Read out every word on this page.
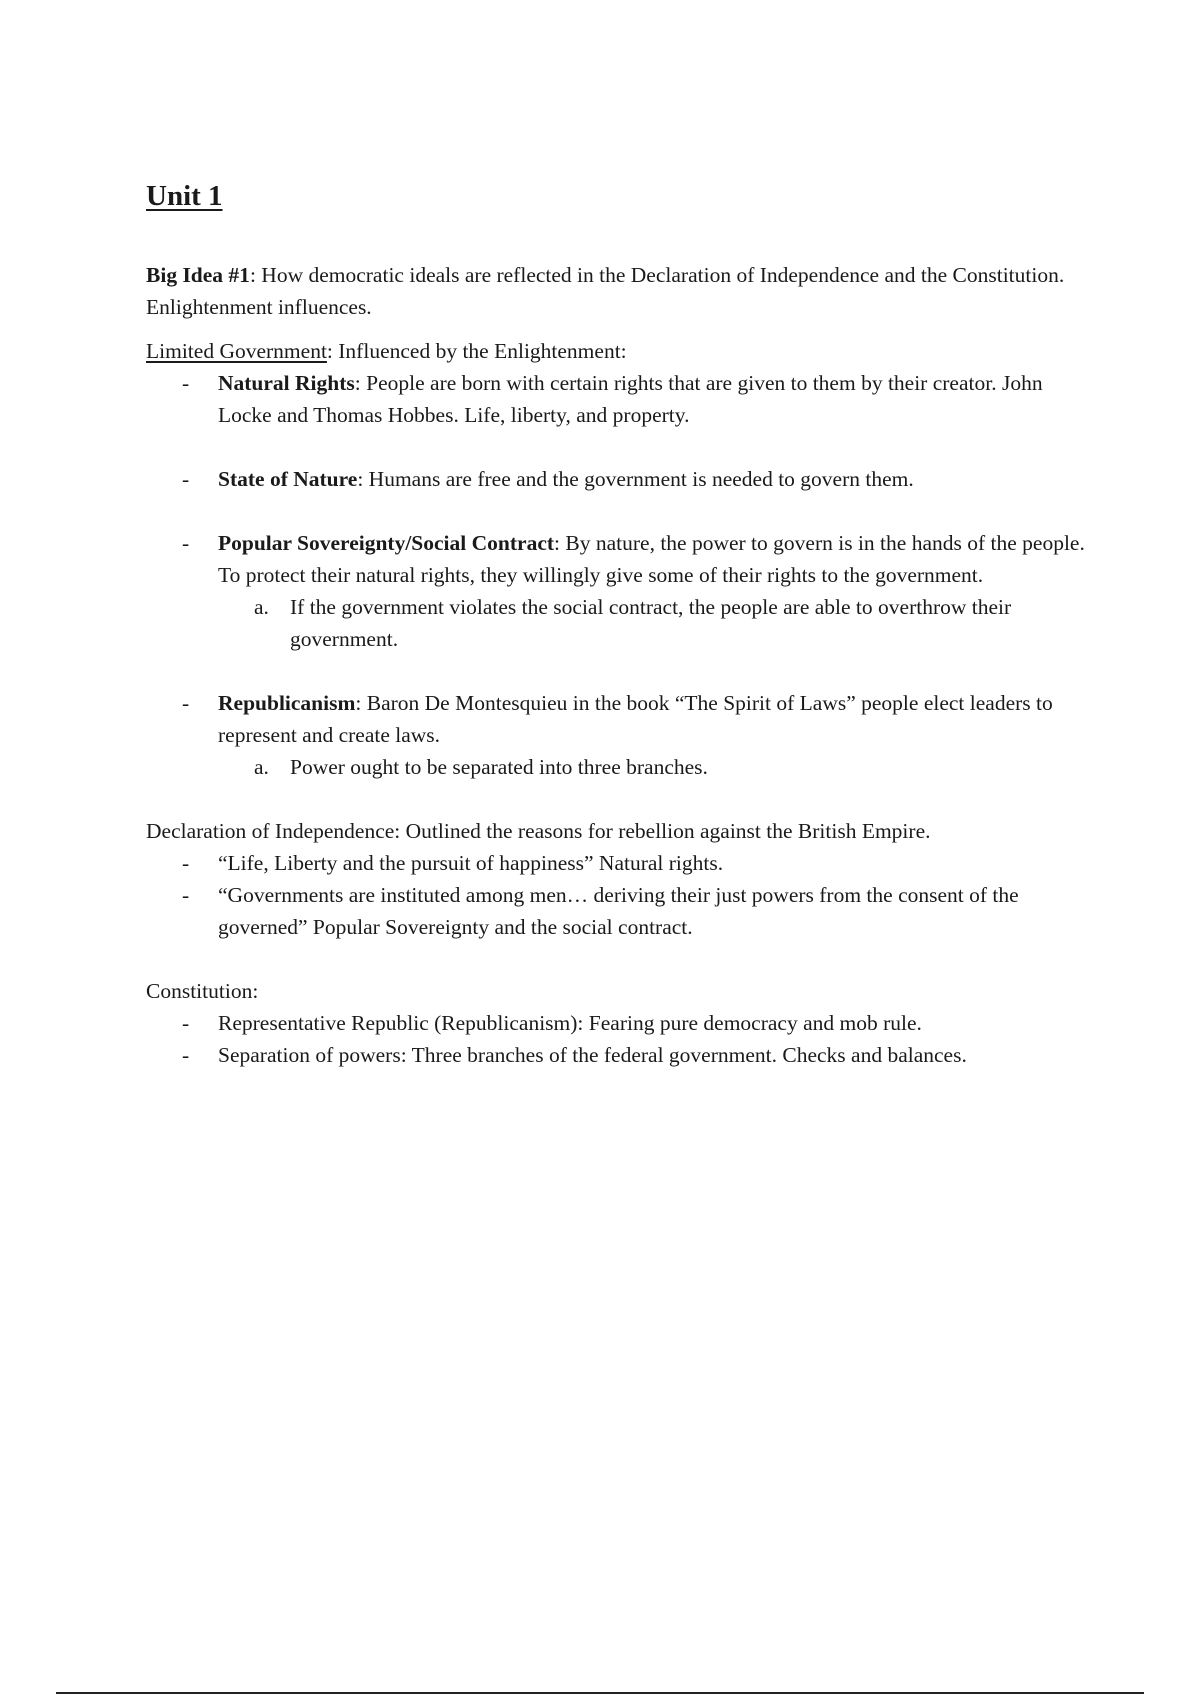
Unit 1

Big Idea #1: How democratic ideals are reflected in the Declaration of Independence and the Constitution. Enlightenment influences.

Limited Government: Influenced by the Enlightenment:

- Natural Rights: People are born with certain rights that are given to them by their creator. John Locke and Thomas Hobbes. Life, liberty, and property.
- State of Nature: Humans are free and the government is needed to govern them.
- Popular Sovereignty/Social Contract: By nature, the power to govern is in the hands of the people. To protect their natural rights, they willingly give some of their rights to the government.
a. If the government violates the social contract, the people are able to overthrow their government.
- Republicanism: Baron De Montesquieu in the book “The Spirit of Laws” people elect leaders to represent and create laws.
a. Power ought to be separated into three branches.

Declaration of Independence: Outlined the reasons for rebellion against the British Empire.

- “Life, Liberty and the pursuit of happiness” Natural rights.
- “Governments are instituted among men… deriving their just powers from the consent of the governed” Popular Sovereignty and the social contract.

Constitution:

- Representative Republic (Republicanism): Fearing pure democracy and mob rule.
- Separation of powers: Three branches of the federal government. Checks and balances.
